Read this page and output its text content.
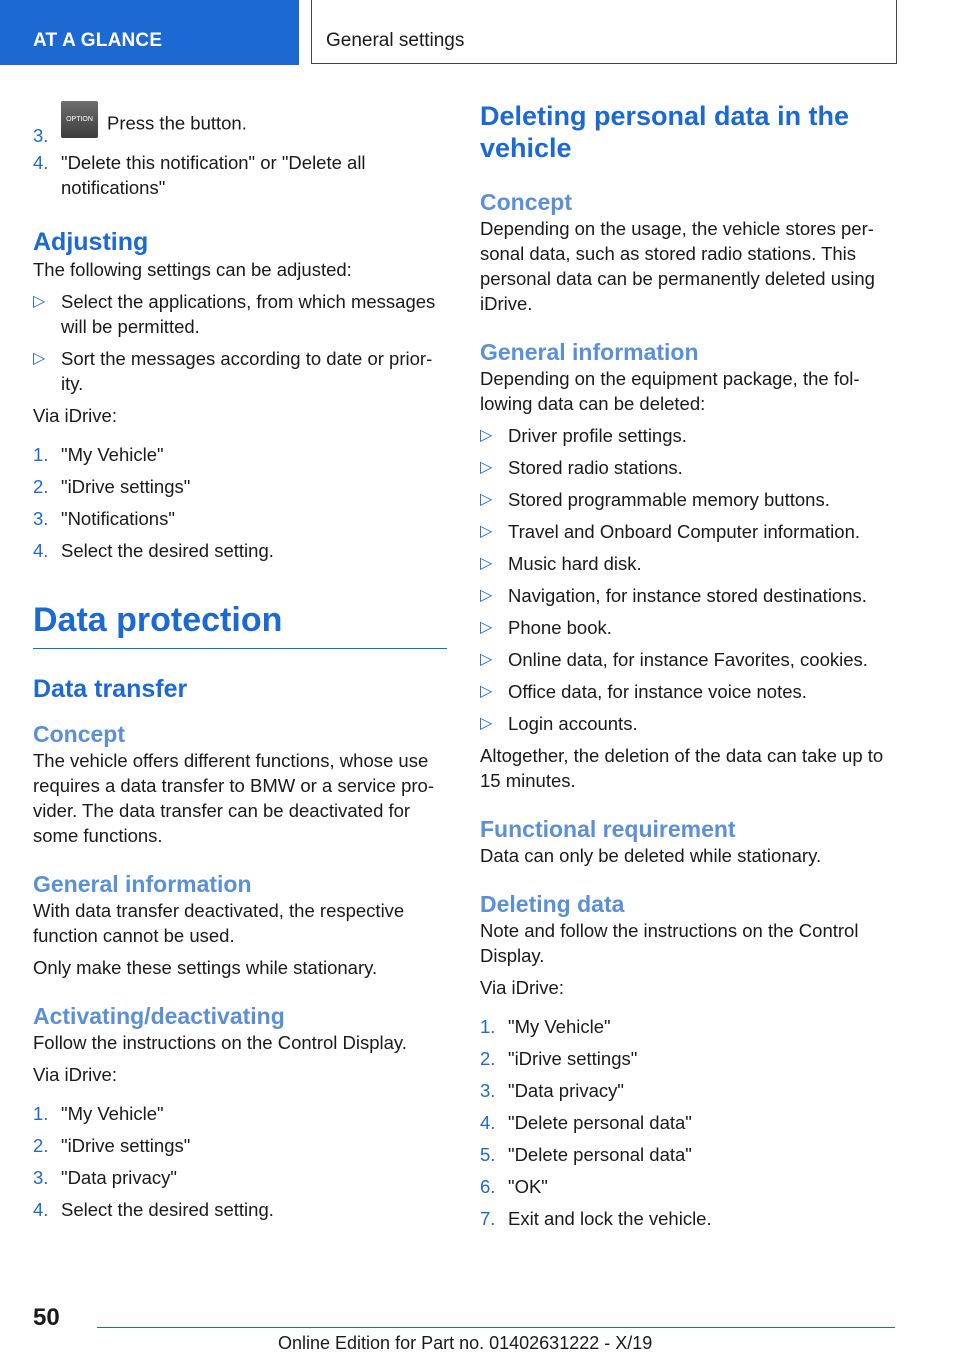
AT A GLANCE	General settings
3.
OPTION Press the button.
4. "Delete this notification" or "Delete all notifications"
Adjusting

The following settings can be adjusted:

▷ Select the applications, from which messages will be permitted.
▷ Sort the messages according to date or priority.

Via iDrive:

1. "My Vehicle"
2. "iDrive settings"
3. "Notifications"
4. Select the desired setting.
Data protection
Data transfer
Concept

The vehicle offers different functions, whose use requires a data transfer to BMW or a service provider. The data transfer can be deactivated for some functions.

General information

With data transfer deactivated, the respective function cannot be used.

Only make these settings while stationary.

Activating/deactivating

Follow the instructions on the Control Display.

Via iDrive:

1. "My Vehicle"
2. "iDrive settings"
3. "Data privacy"
4. Select the desired setting.
Deleting personal data in the vehicle
Concept

Depending on the usage, the vehicle stores personal data, such as stored radio stations. This personal data can be permanently deleted using iDrive.

General information

Depending on the equipment package, the following data can be deleted:

▷ Driver profile settings.
▷ Stored radio stations.
▷ Stored programmable memory buttons.
▷ Travel and Onboard Computer information.
▷ Music hard disk.
▷ Navigation, for instance stored destinations.
▷ Phone book.
▷ Online data, for instance Favorites, cookies.
▷ Office data, for instance voice notes.
▷ Login accounts.

Altogether, the deletion of the data can take up to 15 minutes.

Functional requirement

Data can only be deleted while stationary.

Deleting data

Note and follow the instructions on the Control Display.

Via iDrive:

1. "My Vehicle"
2. "iDrive settings"
3. "Data privacy"
4. "Delete personal data"
5. "Delete personal data"
6. "OK"
7. Exit and lock the vehicle.
50
Online Edition for Part no. 01402631222 - X/19
